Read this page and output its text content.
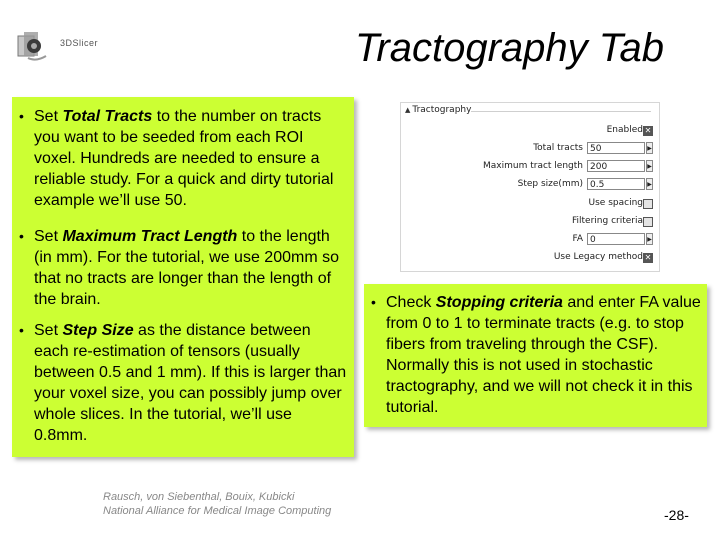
3DSlicer	Tractography Tab
• Set Total Tracts to the number on tracts you want to be seeded from each ROI voxel. Hundreds are needed to ensure a reliable study. For a quick and dirty tutorial example we’ll use 50.
• Set Maximum Tract Length to the length (in mm). For the tutorial, we use 200mm so that no tracts are longer than the length of the brain.
• Set Step Size as the distance between each re-estimation of tensors (usually between 0.5 and 1 mm). If this is larger than your voxel size, you can possibly jump over whole slices. In the tutorial, we’ll use 0.8mm.
▲ Tractography
Enabled ✕
Total tracts 50	▶
Maximum tract length 200	▶
Step size(mm) 0.5	▶
Use spacing
Filtering criteria
FA 0	▶
Use Legacy method ✕
• Check Stopping criteria and enter FA value from 0 to 1 to terminate tracts (e.g. to stop fibers from traveling through the CSF). Normally this is not used in stochastic tractography, and we will not check it in this tutorial.
Rausch, von Siebenthal, Bouix, Kubicki
National Alliance for Medical Image Computing	-28-
